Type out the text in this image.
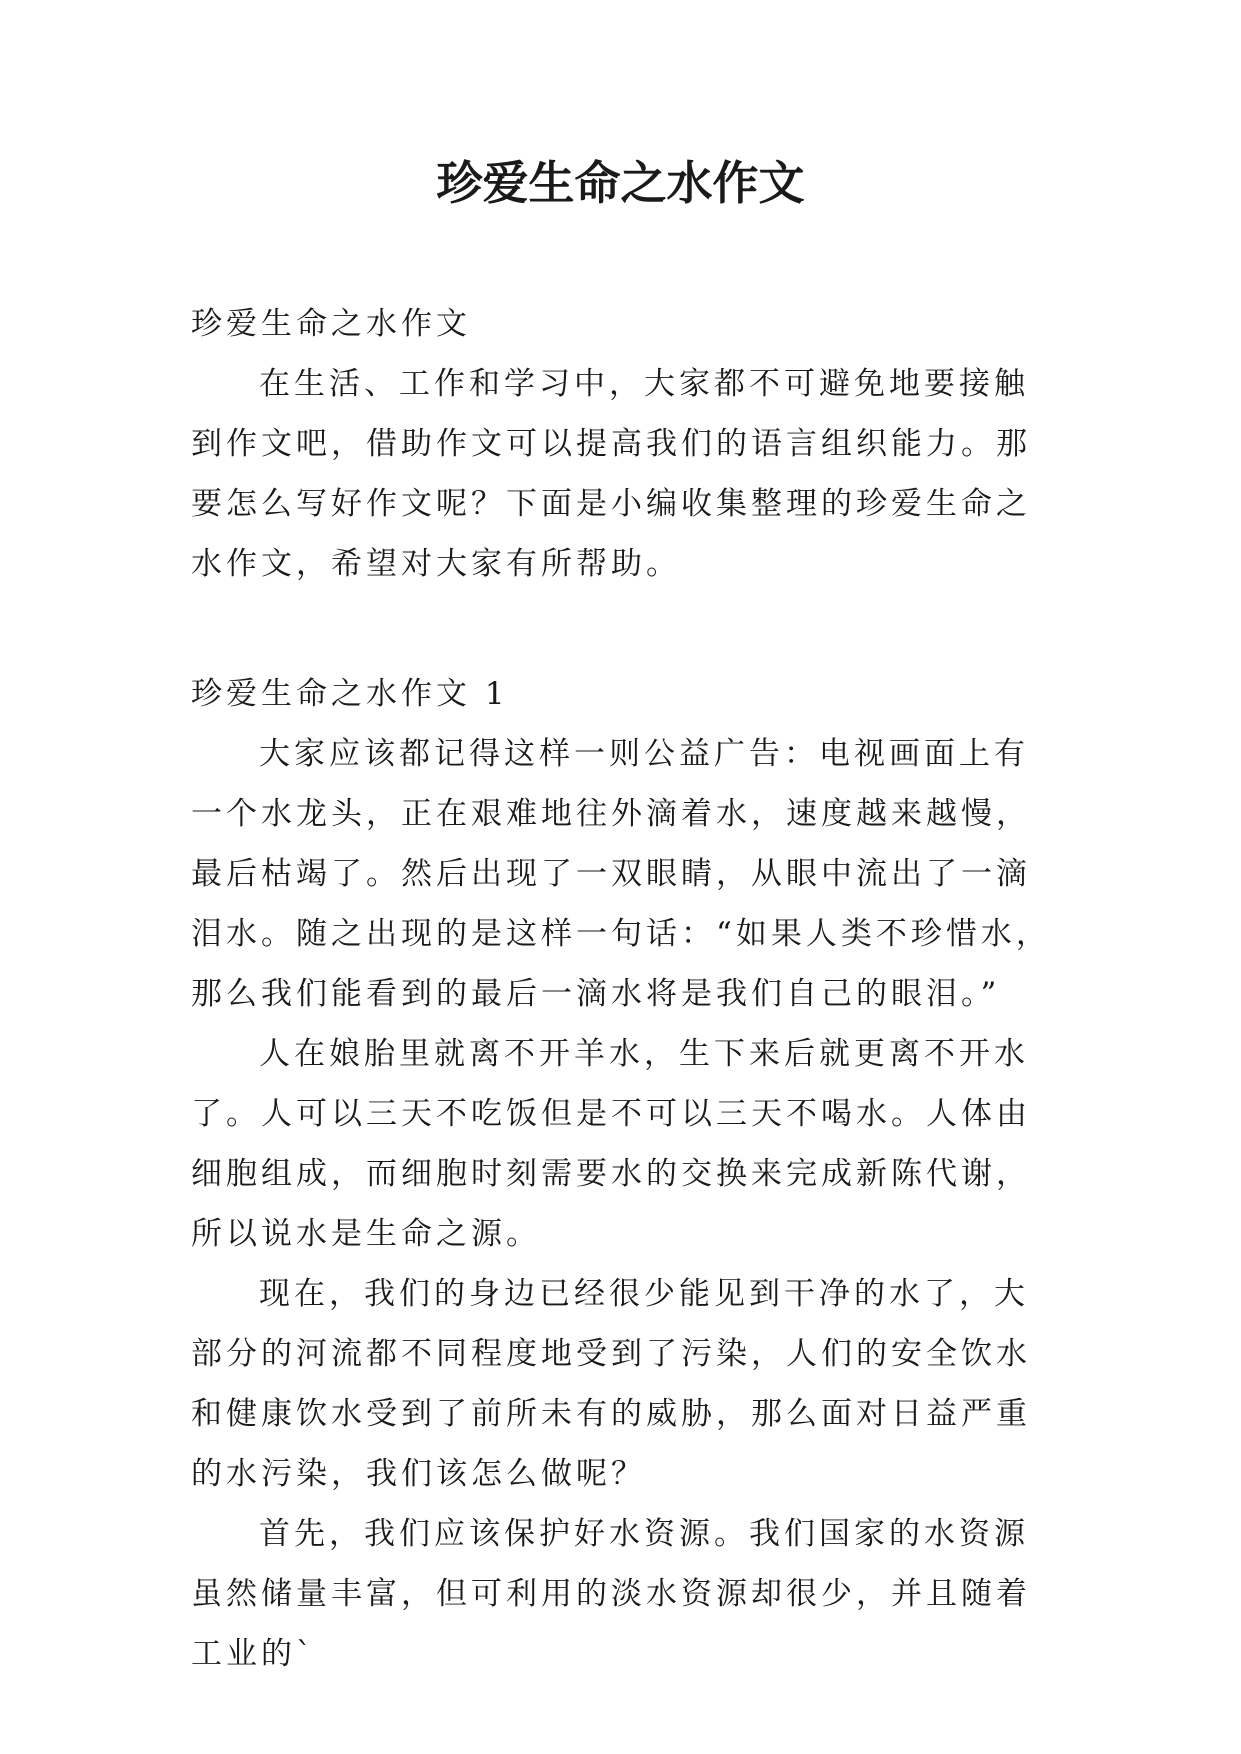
珍爱生命之水作文

珍爱生命之水作文

在生活、工作和学习中，大家都不可避免地要接触到作文吧，借助作文可以提高我们的语言组织能力。那要怎么写好作文呢？下面是小编收集整理的珍爱生命之水作文，希望对大家有所帮助。

珍爱生命之水作文 1

大家应该都记得这样一则公益广告：电视画面上有一个水龙头，正在艰难地往外滴着水，速度越来越慢，最后枯竭了。然后出现了一双眼睛，从眼中流出了一滴泪水。随之出现的是这样一句话：“如果人类不珍惜水，那么我们能看到的最后一滴水将是我们自己的眼泪。”

人在娘胎里就离不开羊水，生下来后就更离不开水了。人可以三天不吃饭但是不可以三天不喝水。人体由细胞组成，而细胞时刻需要水的交换来完成新陈代谢，所以说水是生命之源。

现在，我们的身边已经很少能见到干净的水了，大部分的河流都不同程度地受到了污染，人们的安全饮水和健康饮水受到了前所未有的威胁，那么面对日益严重的水污染，我们该怎么做呢？

首先，我们应该保护好水资源。我们国家的水资源虽然储量丰富，但可利用的淡水资源却很少，并且随着工业的`
